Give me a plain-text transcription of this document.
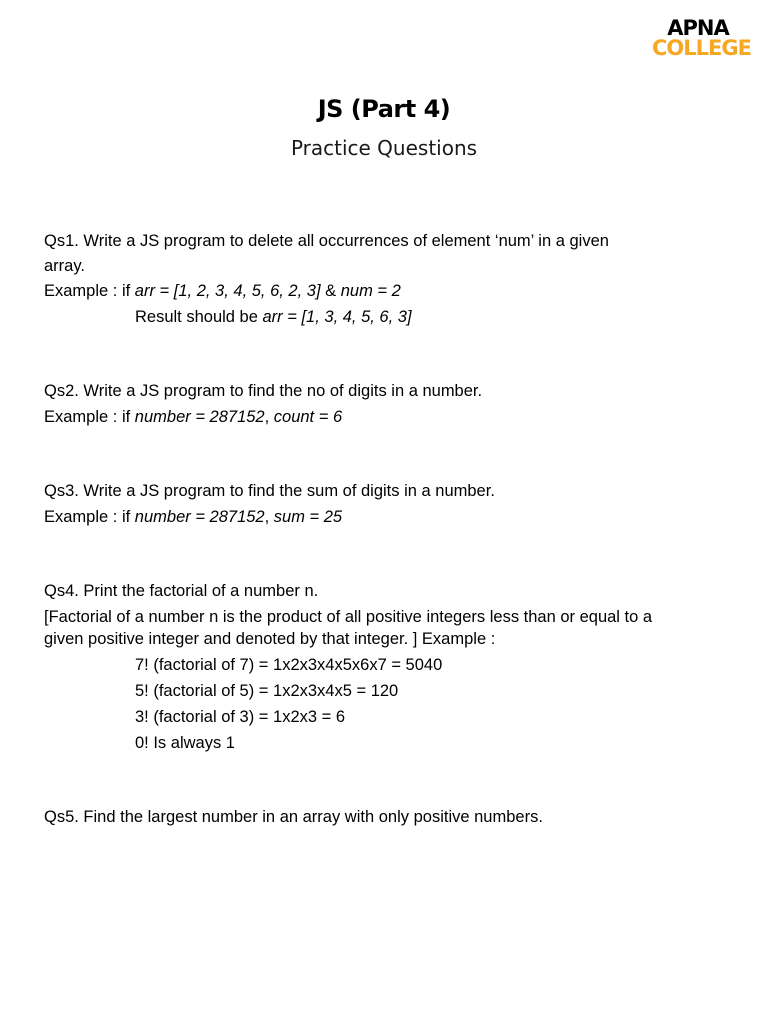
APNA
COLLEGE
JS (Part 4)
Practice Questions
Qs1. Write a JS program to delete all occurrences of element ‘num’ in a given
array.
Example : if arr = [1, 2, 3, 4, 5, 6, 2, 3] & num = 2
Result should be arr = [1, 3, 4, 5, 6, 3]
Qs2. Write a JS program to find the no of digits in a number.
Example : if number = 287152, count = 6
Qs3. Write a JS program to find the sum of digits in a number.
Example : if number = 287152, sum = 25
Qs4. Print the factorial of a number n.
[Factorial of a number n is the product of all positive integers less than or equal to a
given positive integer and denoted by that integer. ] Example :
7! (factorial of 7) = 1x2x3x4x5x6x7 = 5040
5! (factorial of 5) = 1x2x3x4x5 = 120
3! (factorial of 3) = 1x2x3 = 6
0! Is always 1
Qs5. Find the largest number in an array with only positive numbers.
